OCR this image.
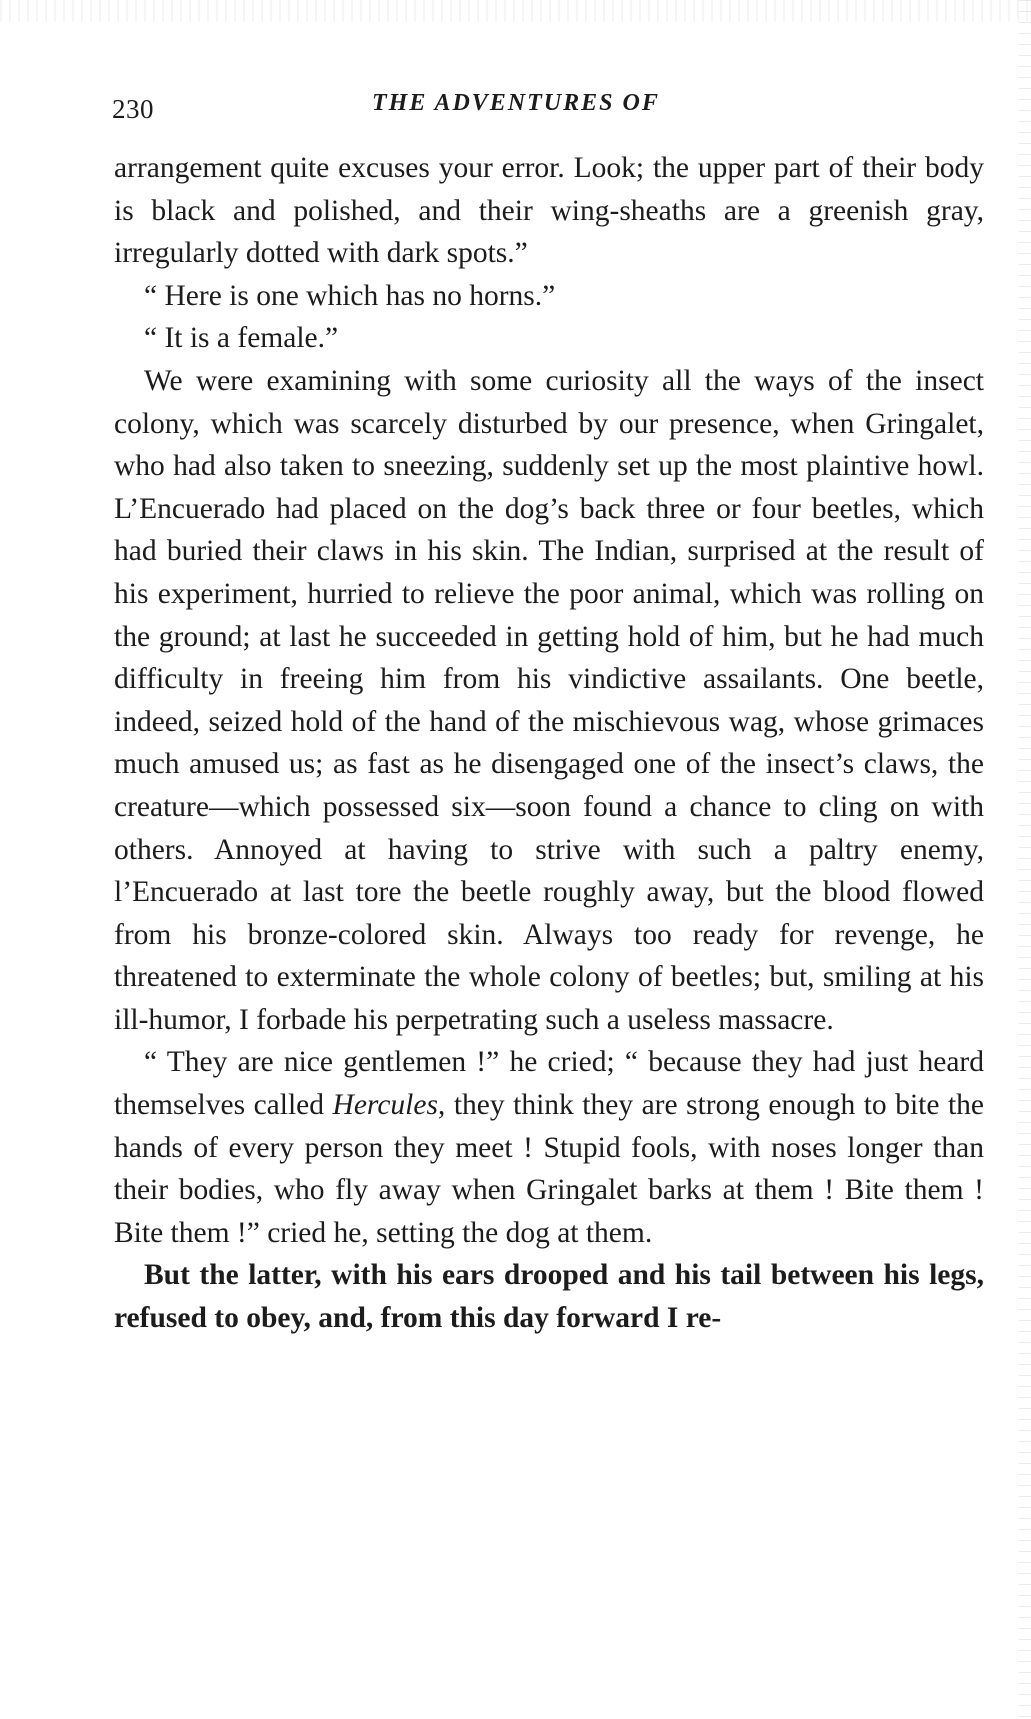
230	THE ADVENTURES OF

arrangement quite excuses your error. Look; the upper part of their body is black and polished, and their wing-sheaths are a greenish gray, irregularly dotted with dark spots.”

“ Here is one which has no horns.”

“ It is a female.”

We were examining with some curiosity all the ways of the insect colony, which was scarcely disturbed by our presence, when Gringalet, who had also taken to sneezing, suddenly set up the most plaintive howl. L’Encuerado had placed on the dog’s back three or four beetles, which had buried their claws in his skin. The Indian, surprised at the result of his experiment, hurried to relieve the poor animal, which was rolling on the ground; at last he succeeded in getting hold of him, but he had much difficulty in freeing him from his vindictive assailants. One beetle, indeed, seized hold of the hand of the mischievous wag, whose grimaces much amused us; as fast as he disengaged one of the insect’s claws, the creature—which possessed six—soon found a chance to cling on with others. Annoyed at having to strive with such a paltry enemy, l’Encuerado at last tore the beetle roughly away, but the blood flowed from his bronze-colored skin. Always too ready for revenge, he threatened to exterminate the whole colony of beetles; but, smiling at his ill-humor, I forbade his perpetrating such a useless massacre.

“ They are nice gentlemen !” he cried; “ because they had just heard themselves called Hercules, they think they are strong enough to bite the hands of every person they meet ! Stupid fools, with noses longer than their bodies, who fly away when Gringalet barks at them ! Bite them ! Bite them !” cried he, setting the dog at them.

But the latter, with his ears drooped and his tail between his legs, refused to obey, and, from this day forward I re-
